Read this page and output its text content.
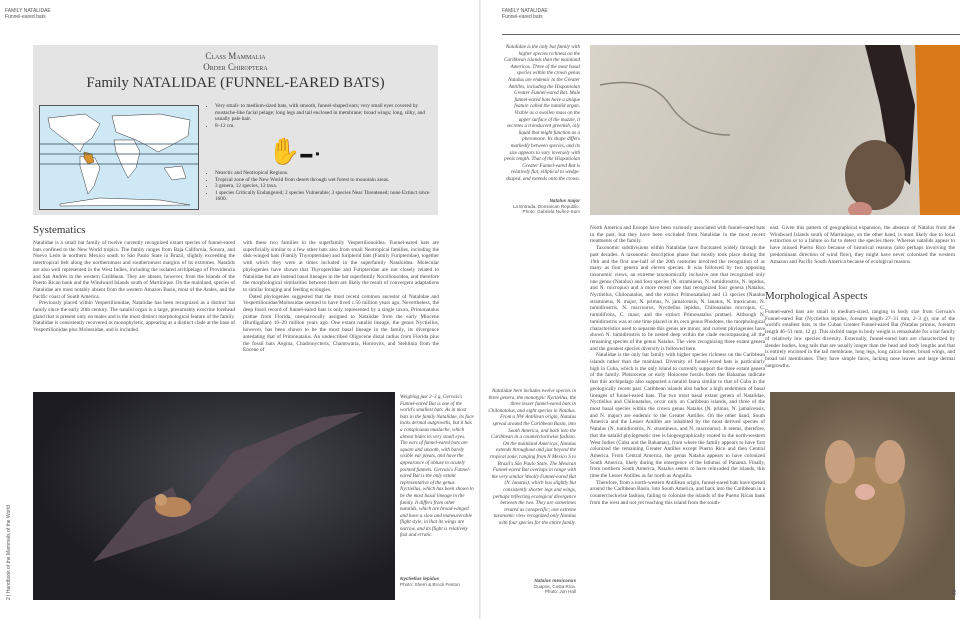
FAMILY NATALIDAE
Funnel-eared bats
Class Mammalia
Order Chiroptera
Family NATALIDAE (FUNNEL-EARED BATS)
• Very small- to medium-sized bats, with smooth, funnel-shaped ears; very small eyes covered by mustache-like facial pelage; long legs and tail enclosed in membrane; broad wings; long, silky, and usually pale hair.
• 8–12 cm.
✋▬ ▪
• Nearctic and Neotropical Regions.
• Tropical zone of the New World from desert through wet forest to mountain areas.
• 3 genera, 12 species, 12 taxa.
• 1 species Critically Endangered; 2 species Vulnerable; 3 species Near Threatened; none Extinct since 1600.
Systematics

Natalidae is a small bat family of twelve currently recognized extant species of funnel-eared bats confined to the New World tropics. The family ranges from Baja California, Sonora, and Nuevo León in northern Mexico south to São Paulo State in Brazil, slightly exceeding the intertropical belt along the northernmost and southernmost margins of its extremes. Natalids are also well represented in the West Indies, including the isolated archipelago of Providencia and San Andrés in the western Caribbean. They are absent, however, from the islands of the Puerto Rican bank and the Windward Islands south of Martinique. On the mainland, species of Natalidae are most notably absent from the western Amazon Basin, most of the Andes, and the Pacific coast of South America.

Previously placed within Vespertilionidae, Natalidae has been recognized as a distinct bat family since the early 20th century. The natalid organ is a large, presumably exocrine forehead gland that is present only on males and is the most distinct morphological feature of the family. Natalidae is consistently recovered as monophyletic, appearing as a distinct clade at the base of Vespertilionidae plus Molossidae, and is included

with these two families in the superfamily Vespertilionoidea. Funnel-eared bats are superficially similar to a few other bats also from small Neotropical families, including the disk-winged bats (Family Thyropteridae) and furipterid bats (Family Furipteridae), together with which they were at times included in the superfamily Nataloidea. Molecular phylogenies have shown that Thyropteridae and Furipteridae are not closely related to Natalidae but are instead basal lineages in the bat superfamily Noctilionoidea, and therefore the morphological similarities between them are likely the result of convergent adaptations to similar foraging and feeding ecologies.

Dated phylogenies suggested that the most recent common ancestor of Natalidae and Vespertilionidae/Molossidae seemed to have lived c.50 million years ago. Nevertheless, the deep fossil record of funnel-eared bats is only represented by a single taxon, Primonatalus prattae from Florida, unequivocally assigned to Natalidae from the early Miocene (Burdigalian) 16–20 million years ago. One extant natalid lineage, the genus Nyctiellus, however, has been shown to be the most basal lineage in the family, its divergence antedating that of Primonatalus. An undescribed Oligocene distal radius from Florida plus the fossil bats Aegina, Chadronycteris, Chamtwaria, Honrovits, and Stehlinia from the Eocene of

Weighing just 2–3 g, Gervais's Funnel-eared Bat is one of the world's smallest bats. As in most bats in the family Natalidae, its face lacks dermal outgrowths, but it has a conspicuous mustache, which almost hides its very small eyes. The ears of funnel-eared bats are square and smooth, with barely visible ear pleats, and have the appearance of obtuse to acutely pointed funnels. Gervais's Funnel-eared Bat is the only extant representative of the genus Nyctiellus, which has been shown to be the most basal lineage in the family. It differs from other natalids, which are broad-winged and have a slow and maneuverable flight style, in that its wings are narrow, and its flight is relatively fast and erratic.
Nyctiellus lepidus
Photo: Sherri & Brock Fenton
2 | Handbook of the Mammals of the World
FAMILY NATALIDAE
Funnel-eared bats
Natalidae is the only bat family with higher species richness on the Caribbean islands than the mainland Americas. Three of the most basal species within the crown genus Natalus are endemic to the Greater Antilles, including the Hispaniolan Greater Funnel-eared Bat. Male funnel-eared bats have a unique feature called the natalid organ. Visible as a swollen mass on the upper surface of the muzzle, it secretes a translucent greenish, oily liquid that might function as a pheromone. Its shape differs markedly between species, and its size appears to vary inversely with penis length. That of the Hispaniolan Greater Funnel-eared Bat is relatively flat, elliptical to wedge-shaped, and extends onto the crown.
Natalus major
La Entrada, Dominican Republic.
Photo: Gabriela Nuñez-Sum

North America and Europe have been variously associated with funnel-eared bats in the past, but they have been excluded from Natalidae in the most recent treatments of the family.

Taxonomic subdivisions within Natalidae have fluctuated widely through the past decades. A taxonomic description phase that mostly took place during the 19th and the first one-half of the 20th centuries involved the recognition of as many as four genera and eleven species. It was followed by two opposing taxonomic views, an extreme taxonomically inclusive one that recognized only one genus (Natalus) and four species (N. stramineus, N. tumidirostris, N. lepidus, and N. micropus) and a more recent one that recognized four genera (Natalus, Nyctiellus, Chilonatalus, and the extinct Primonatalus) and 13 species (Natalus stramineus, N. major, N. primus, N. jamaicensis, N. lanatus, N. mexicanus, N. tumidirostris, N. macrourus, Nyctiellus lepidus, Chilonatalus micropus, C. tumidifrons, C. maor, and the extinct Primonatalus prattae). Although N. tumidirostris was at one time placed in its own genus Phodotes, the morphological characteristics used to separate this genus are minor, and current phylogenies have shown N. tumidirostris to be nested deep within the clade encompassing all the remaining species of the genus Natalus. The view recognizing three extant genera and the greatest species diversity is followed here.

Natalidae is the only bat family with higher species richness on the Caribbean islands rather than the mainland. Diversity of funnel-eared bats is particularly high in Cuba, which is the only island to currently support the three extant genera of the family. Pleistocene or early Holocene fossils from the Bahamas indicate that this archipelago also supported a natalid fauna similar to that of Cuba in the geologically recent past. Caribbean islands also harbor a high endemism of basal lineages of funnel-eared bats. The two most basal extant genera of Natalidae, Nyctiellus and Chilonatalus, occur only on Caribbean islands, and three of the most basal species within the crown genus Natalus (N. primus, N. jamaicensis, and N. major) are endemic to the Greater Antilles. On the other hand, South America and the Lesser Antilles are inhabited by the most derived species of Natalus (N. tumidirostris, N. stramineus, and N. macrourus). It seems, therefore, that the natalid phylogenetic tree is biogeographically rooted in the north-western West Indies (Cuba and the Bahamas), from where the family appears to have first colonized the remaining Greater Antilles except Puerto Rico and then Central America. From Central America, the genus Natalus appears to have colonized South America, likely during the emergence of the Isthmus of Panama. Finally, from northern South America, Natalus seems to have reinvaded the islands, this time the Lesser Antilles as far north as Anguilla.

Therefore, from a north-western Antillean origin, funnel-eared bats have spread around the Caribbean Basin, into South America, and back into the Caribbean in a counterclockwise fashion, failing to colonize the islands of the Puerto Rican bank from the west and not yet reaching this island from the south-

east. Given this pattern of geographical expansion, the absence of Natalus from the Windward Islands south of Martinique, on the other hand, is most likely due to local extinction or to a failure so far to detect the species there. Whereas natalids appear to have missed Puerto Rico because of historical reasons (also perhaps involving the predominant direction of wind flow), they might have never colonized the western Amazon and Pacific South America because of ecological reasons.

Morphological Aspects

Funnel-eared bats are small to medium-sized, ranging in body size from Gervais's Funnel-eared Bat (Nyctiellus lepidus, forearm length 27–31 mm, 2–3 g), one of the world's smallest bats, to the Cuban Greater Funnel-eared Bat (Natalus primus, forearm length 46–51 mm, 12 g). This sixfold range in body weight is remarkable for a bat family of relatively low species diversity. Externally, funnel-eared bats are characterized by slender bodies, long tails that are usually longer than the head and body lengths and that is entirely enclosed in the tail membrane, long legs, long calcar bones, broad wings, and broad tail membranes. They have simple faces, lacking nose leaves and large dermal outgrowths.

Natalidae here includes twelve species in three genera, the monotypic Nyctiellus, the three lesser funnel-eared bats in Chilonatalus, and eight species in Natalus. From a NW Antillean origin, Natalus spread around the Caribbean Basin, into South America, and back into the Caribbean in a counterclockwise fashion. On the mainland Americas, Natalus extends throughout and just beyond the tropical zone, ranging from N Mexico S to Brazil's São Paulo State. The Mexican Funnel-eared Bat overlaps in range with the very similar Woolly Funnel-eared Bat (N. lanatus), which has slightly but consistently shorter legs and wings, perhaps reflecting ecological divergence between the two. They are sometimes treated as conspecific; one extreme taxonomic view recognized only Natalus with four species for the entire family.
Natalus mexicanus
Guapos, Costa Rica.
Photo: Jon Hall	95
